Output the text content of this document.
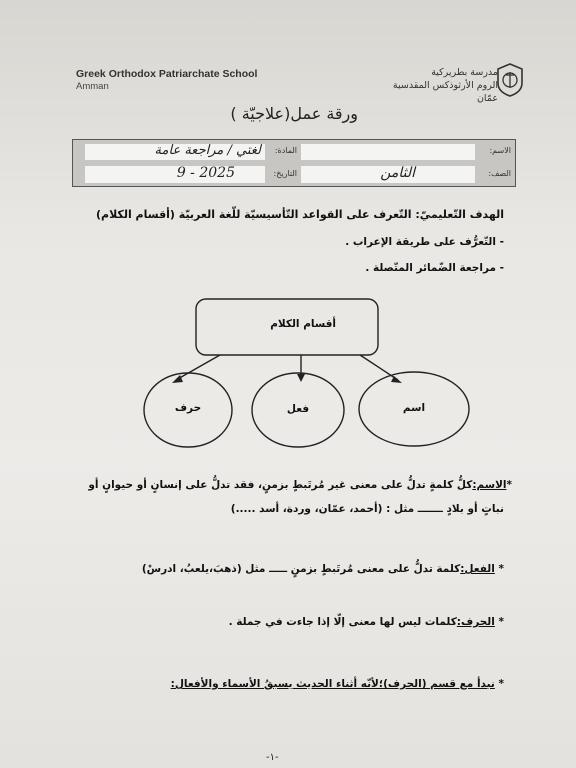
Greek Orthodox Patriarchate School
Amman
مدرسة بطريركية
الروم الأرثوذكس المقدسية
عمّان
ورقة عمل(علاجيّة )
الاسم:
المادة:
لغتي / مراجعة عامة
الصف:
الثامن
التاريخ:
9 - 2025
الهدف التّعليميّ: التّعرف على القواعد التّأسيسيّة للّغة العربيّة (أقسام الكلام)
- التّعرُّف على طريقة الإعراب .
- مراجعة الضّمائر المتّصلة .
أقسام الكلام
اسم
فعل
حرف
*الاسم:كلُّ كلمةٍ تدلُّ على معنى غير مُرتَبطٍ بزمنٍ، فقد تدلُّ على إنسانٍ أو حيوانٍ أو
نباتٍ أو بلادٍ ـــــــ مثل : (أحمد، عمّان، وردة، أسد .....)
* الفعل:كلمة تدلُّ على معنى مُرتَبطٍ بزمنٍ ـــــ مثل (ذهبَ،يلعبُ، ادرسْ)
* الحرف:كلمات ليس لها معنى إلّا إذا جاءت في جملة .
* نبدأ مع قسم (الحرف)؛لأنّه أثناء الحديث يسبقُ الأسماء والأفعال:
-١-
